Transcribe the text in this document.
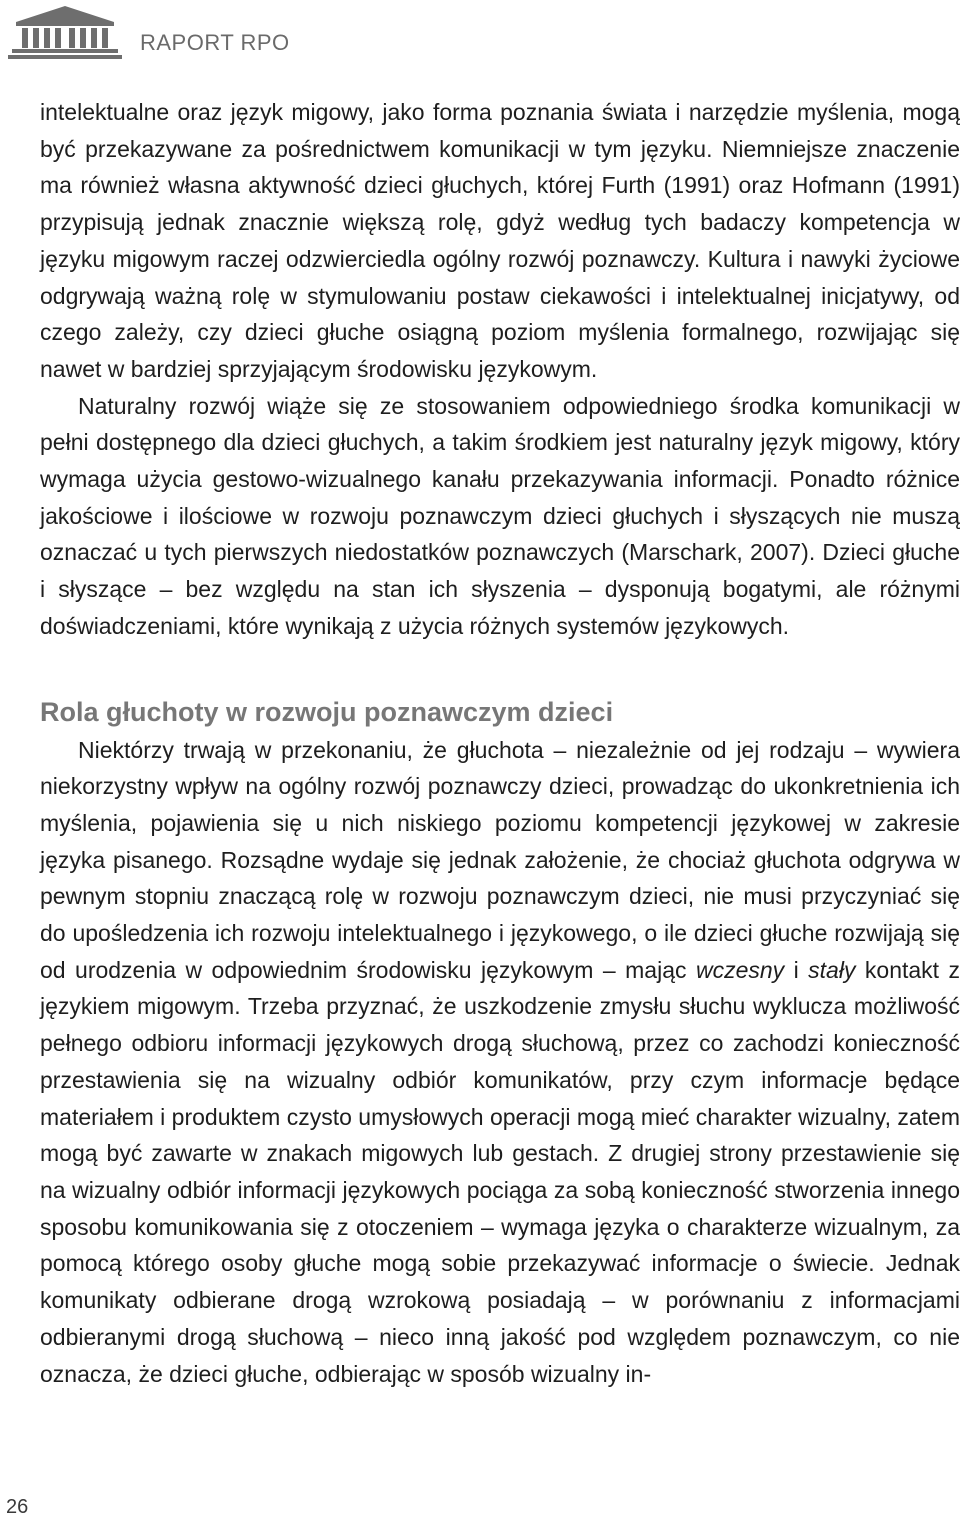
RAPORT RPO

intelektualne oraz język migowy, jako forma poznania świata i narzędzie myślenia, mogą być przekazywane za pośrednictwem komunikacji w tym języku. Niemniejsze znaczenie ma również własna aktywność dzieci głuchych, której Furth (1991) oraz Hofmann (1991) przypisują jednak znacznie większą rolę, gdyż według tych badaczy kompetencja w języku migowym raczej odzwierciedla ogólny rozwój poznawczy. Kultura i nawyki życiowe odgrywają ważną rolę w stymulowaniu postaw ciekawości i intelektualnej inicjatywy, od czego zależy, czy dzieci głuche osiągną poziom myślenia formalnego, rozwijając się nawet w bardziej sprzyjającym środowisku językowym.

Naturalny rozwój wiąże się ze stosowaniem odpowiedniego środka komunikacji w pełni dostępnego dla dzieci głuchych, a takim środkiem jest naturalny język migowy, który wymaga użycia gestowo-wizualnego kanału przekazywania informacji. Ponadto różnice jakościowe i ilościowe w rozwoju poznawczym dzieci głuchych i słyszących nie muszą oznaczać u tych pierwszych niedostatków poznawczych (Marschark, 2007). Dzieci głuche i słyszące – bez względu na stan ich słyszenia – dysponują bogatymi, ale różnymi doświadczeniami, które wynikają z użycia różnych systemów językowych.

Rola głuchoty w rozwoju poznawczym dzieci

Niektórzy trwają w przekonaniu, że głuchota – niezależnie od jej rodzaju – wywiera niekorzystny wpływ na ogólny rozwój poznawczy dzieci, prowadząc do ukonkretnienia ich myślenia, pojawienia się u nich niskiego poziomu kompetencji językowej w zakresie języka pisanego. Rozsądne wydaje się jednak założenie, że chociaż głuchota odgrywa w pewnym stopniu znaczącą rolę w rozwoju poznawczym dzieci, nie musi przyczyniać się do upośledzenia ich rozwoju intelektualnego i językowego, o ile dzieci głuche rozwijają się od urodzenia w odpowiednim środowisku językowym – mając wczesny i stały kontakt z językiem migowym. Trzeba przyznać, że uszkodzenie zmysłu słuchu wyklucza możliwość pełnego odbioru informacji językowych drogą słuchową, przez co zachodzi konieczność przestawienia się na wizualny odbiór komunikatów, przy czym informacje będące materiałem i produktem czysto umysłowych operacji mogą mieć charakter wizualny, zatem mogą być zawarte w znakach migowych lub gestach. Z drugiej strony przestawienie się na wizualny odbiór informacji językowych pociąga za sobą konieczność stworzenia innego sposobu komunikowania się z otoczeniem – wymaga języka o charakterze wizualnym, za pomocą którego osoby głuche mogą sobie przekazywać informacje o świecie. Jednak komunikaty odbierane drogą wzrokową posiadają – w porównaniu z informacjami odbieranymi drogą słuchową – nieco inną jakość pod względem poznawczym, co nie oznacza, że dzieci głuche, odbierając w sposób wizualny in-

26
